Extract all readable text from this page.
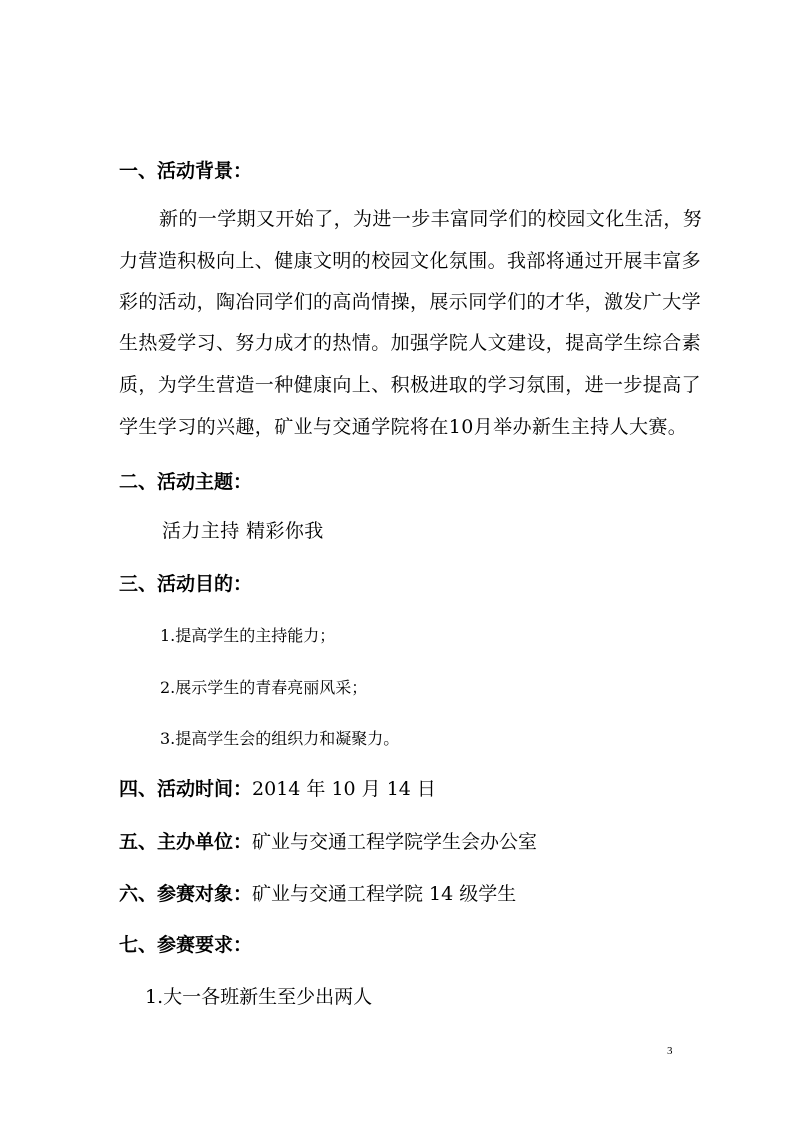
一、活动背景：
新的一学期又开始了，为进一步丰富同学们的校园文化生活，努
力营造积极向上、健康文明的校园文化氛围。我部将通过开展丰富多
彩的活动，陶冶同学们的高尚情操，展示同学们的才华，激发广大学
生热爱学习、努力成才的热情。加强学院人文建设，提高学生综合素
质，为学生营造一种健康向上、积极进取的学习氛围，进一步提高了
学生学习的兴趣，矿业与交通学院将在10月举办新生主持人大赛。
二、活动主题：
活力主持 精彩你我
三、活动目的：
1.提高学生的主持能力；
2.展示学生的青春亮丽风采；
3.提高学生会的组织力和凝聚力。
四、活动时间：2014 年 10 月 14 日
五、主办单位：矿业与交通工程学院学生会办公室
六、参赛对象：矿业与交通工程学院 14 级学生
七、参赛要求：
1.大一各班新生至少出两人
3
